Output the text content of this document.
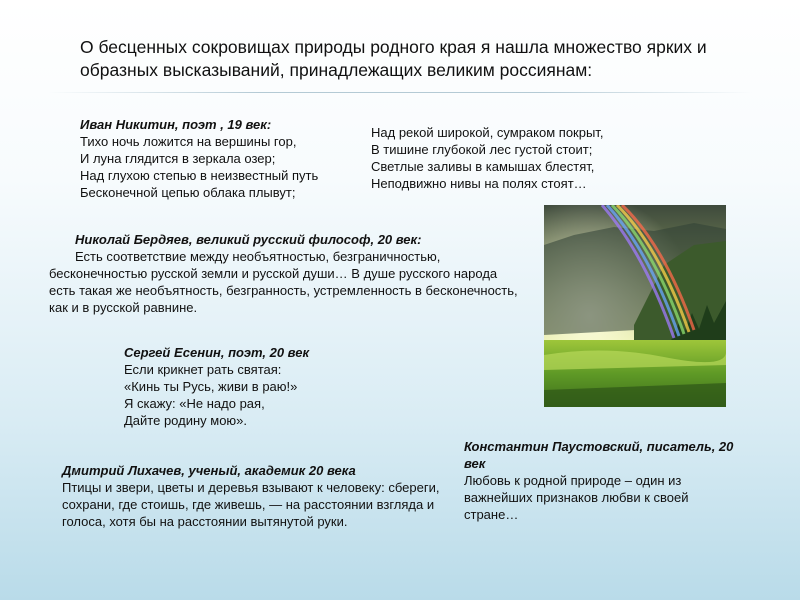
О бесценных сокровищах природы родного края я нашла множество ярких и образных высказываний, принадлежащих великим россиянам:
Иван Никитин, поэт , 19 век:
Тихо ночь ложится на вершины гор,
И луна глядится в зеркала озер;
Над глухою степью в неизвестный путь
Бесконечной цепью облака плывут;
Над рекой широкой, сумраком покрыт,
В тишине глубокой лес густой стоит;
Светлые заливы в камышах блестят,
Неподвижно нивы на полях стоят…
Николай Бердяев, великий русский философ, 20 век:
Есть соответствие между необъятностью, безграничностью, бесконечностью русской земли и русской души… В душе русского народа есть такая же необъятность, безгранность, устремленность в бесконечность, как и в русской равнине.
Сергей Есенин, поэт, 20 век
Если крикнет рать святая:
«Кинь ты Русь, живи в раю!»
Я скажу: «Не надо рая,
Дайте родину мою».
Дмитрий Лихачев, ученый, академик 20 века
Птицы и звери, цветы и деревья взывают к человеку: сбереги, сохрани, где стоишь, где живешь, — на расстоянии взгляда и голоса, хотя бы на расстоянии вытянутой руки.
Константин Паустовский, писатель, 20 век
Любовь к родной природе – один из важнейших признаков любви к своей стране…
